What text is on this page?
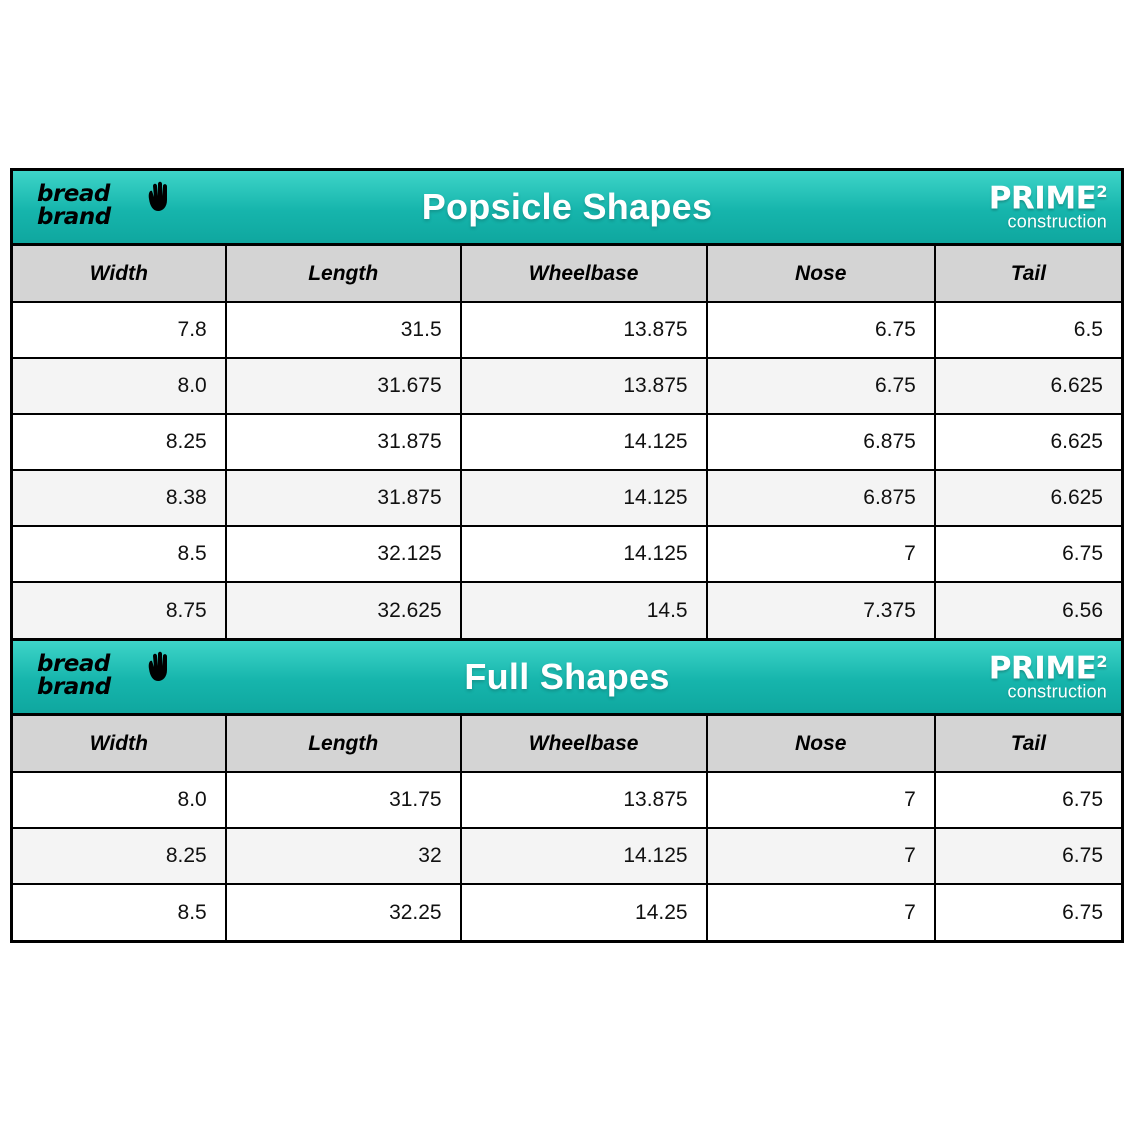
bread
brand	Popsicle Shapes	PRIME$^2$
construction
Width	Length	Wheelbase	Nose	Tail
7.8	31.5	13.875	6.75	6.5
8.0	31.675	13.875	6.75	6.625
8.25	31.875	14.125	6.875	6.625
8.38	31.875	14.125	6.875	6.625
8.5	32.125	14.125	7	6.75
8.75	32.625	14.5	7.375	6.56
bread
brand	Full Shapes	PRIME$^2$
construction
Width	Length	Wheelbase	Nose	Tail
8.0	31.75	13.875	7	6.75
8.25	32	14.125	7	6.75
8.5	32.25	14.25	7	6.75
